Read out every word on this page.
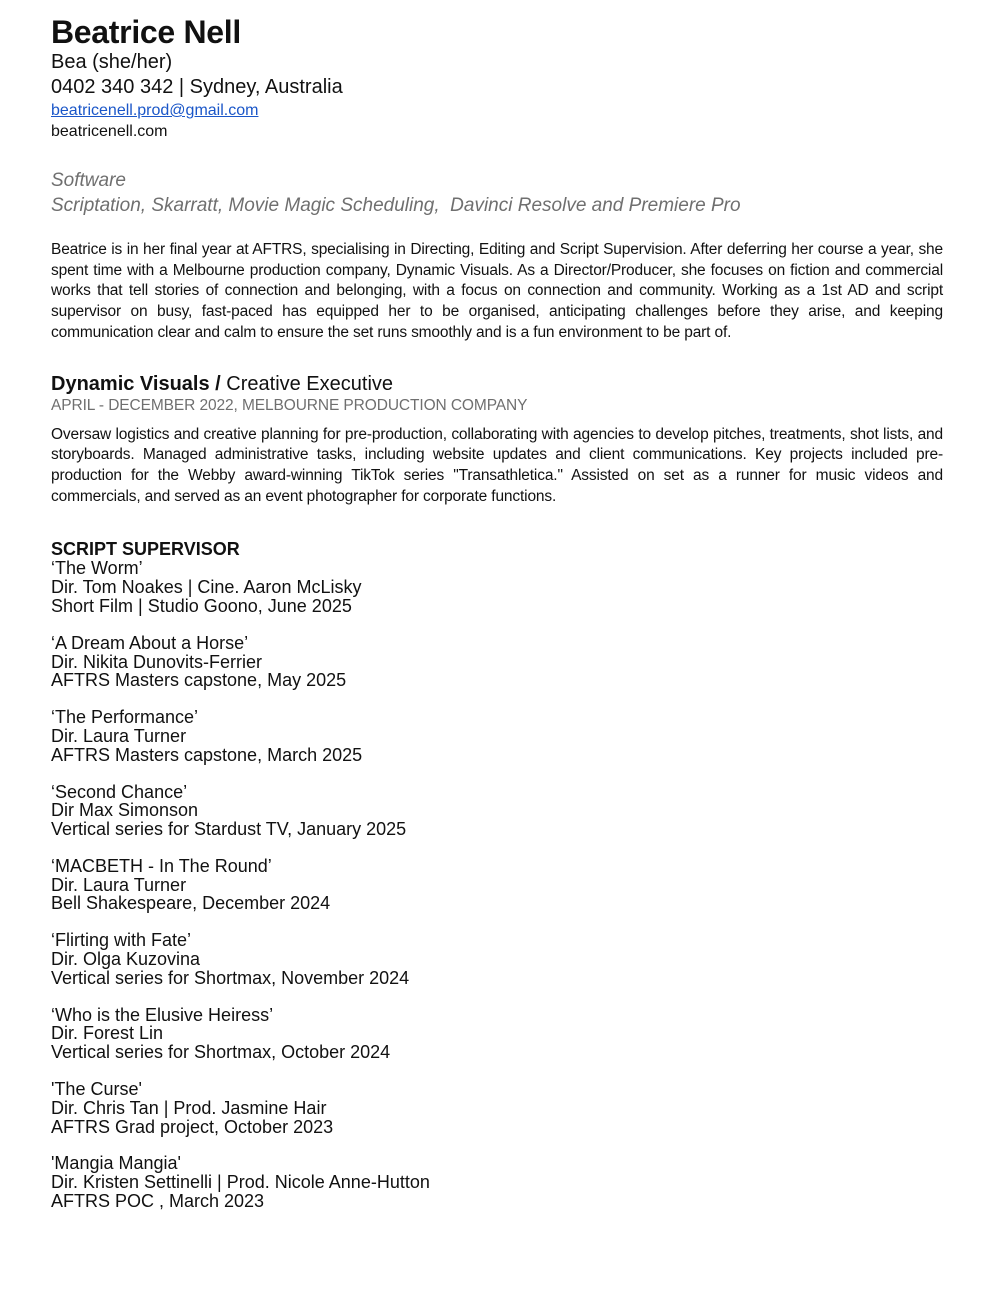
Beatrice Nell
Bea (she/her)
0402 340 342 | Sydney, Australia
beatricenell.prod@gmail.com
beatricenell.com
Software
Scriptation, Skarratt, Movie Magic Scheduling,  Davinci Resolve and Premiere Pro

Beatrice is in her final year at AFTRS, specialising in Directing, Editing and Script Supervision. After deferring her course a year, she spent time with a Melbourne production company, Dynamic Visuals. As a Director/Producer, she focuses on fiction and commercial works that tell stories of connection and belonging, with a focus on connection and community. Working as a 1st AD and script supervisor on busy, fast-paced has equipped her to be organised, anticipating challenges before they arise, and keeping communication clear and calm to ensure the set runs smoothly and is a fun environment to be part of.

Dynamic Visuals / Creative Executive
APRIL - DECEMBER 2022, MELBOURNE PRODUCTION COMPANY

Oversaw logistics and creative planning for pre-production, collaborating with agencies to develop pitches, treatments, shot lists, and storyboards. Managed administrative tasks, including website updates and client communications. Key projects included pre-production for the Webby award-winning TikTok series "Transathletica." Assisted on set as a runner for music videos and commercials, and served as an event photographer for corporate functions.

SCRIPT SUPERVISOR
‘The Worm’
Dir. Tom Noakes | Cine. Aaron McLisky
Short Film | Studio Goono, June 2025
‘A Dream About a Horse’
Dir. Nikita Dunovits-Ferrier
AFTRS Masters capstone, May 2025
‘The Performance’
Dir. Laura Turner
AFTRS Masters capstone, March 2025
‘Second Chance’
Dir Max Simonson
Vertical series for Stardust TV, January 2025
‘MACBETH - In The Round’
Dir. Laura Turner
Bell Shakespeare, December 2024
‘Flirting with Fate’
Dir. Olga Kuzovina
Vertical series for Shortmax, November 2024
‘Who is the Elusive Heiress’
Dir. Forest Lin
Vertical series for Shortmax, October 2024
'The Curse'
Dir. Chris Tan | Prod. Jasmine Hair
AFTRS Grad project, October 2023
'Mangia Mangia'
Dir. Kristen Settinelli | Prod. Nicole Anne-Hutton
AFTRS POC , March 2023
